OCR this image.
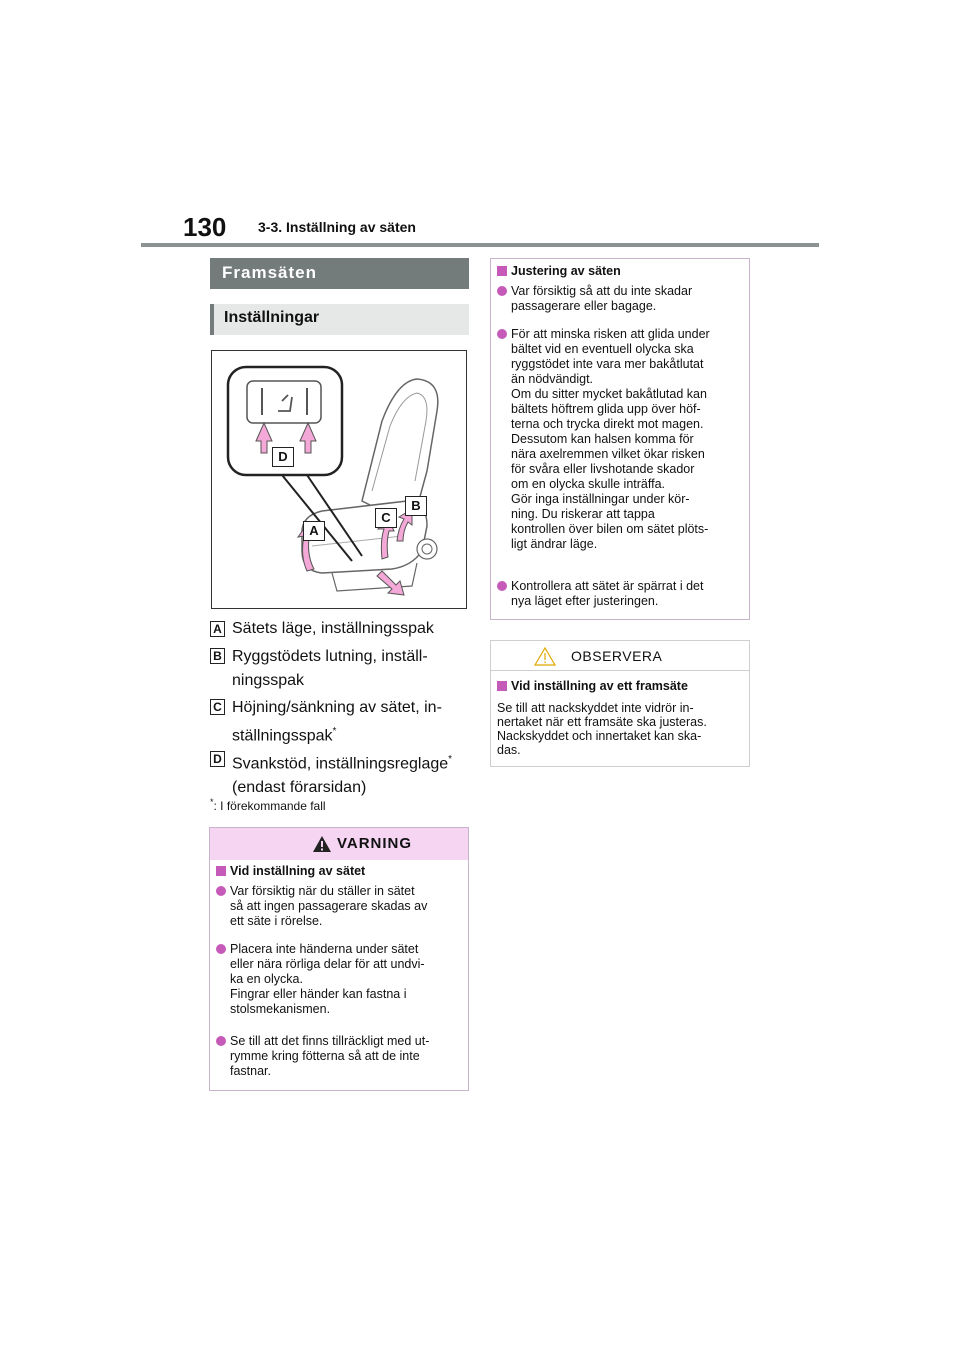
130 3-3. Inställning av säten
Framsäten
Inställningar
D
A
C
B
A Sätets läge, inställningsspak
B Ryggstödets lutning, inställ-
ningsspak
C Höjning/sänkning av sätet, in-
ställningsspak*
D Svankstöd, inställningsreglage*
(endast förarsidan)
*: I förekommande fall
VARNING
Vid inställning av sätet
Var försiktig när du ställer in sätet
så att ingen passagerare skadas av
ett säte i rörelse.
Placera inte händerna under sätet
eller nära rörliga delar för att undvi-
ka en olycka.
Fingrar eller händer kan fastna i
stolsmekanismen.
Se till att det finns tillräckligt med ut-
rymme kring fötterna så att de inte
fastnar.
Justering av säten
Var försiktig så att du inte skadar
passagerare eller bagage.
För att minska risken att glida under
bältet vid en eventuell olycka ska
ryggstödet inte vara mer bakåtlutat
än nödvändigt.
Om du sitter mycket bakåtlutad kan
bältets höftrem glida upp över höf-
terna och trycka direkt mot magen.
Dessutom kan halsen komma för
nära axelremmen vilket ökar risken
för svåra eller livshotande skador
om en olycka skulle inträffa.
Gör inga inställningar under kör-
ning. Du riskerar att tappa
kontrollen över bilen om sätet plöts-
ligt ändrar läge.
Kontrollera att sätet är spärrat i det
nya läget efter justeringen.
OBSERVERA
Vid inställning av ett framsäte
Se till att nackskyddet inte vidrör in-
nertaket när ett framsäte ska justeras.
Nackskyddet och innertaket kan ska-
das.
